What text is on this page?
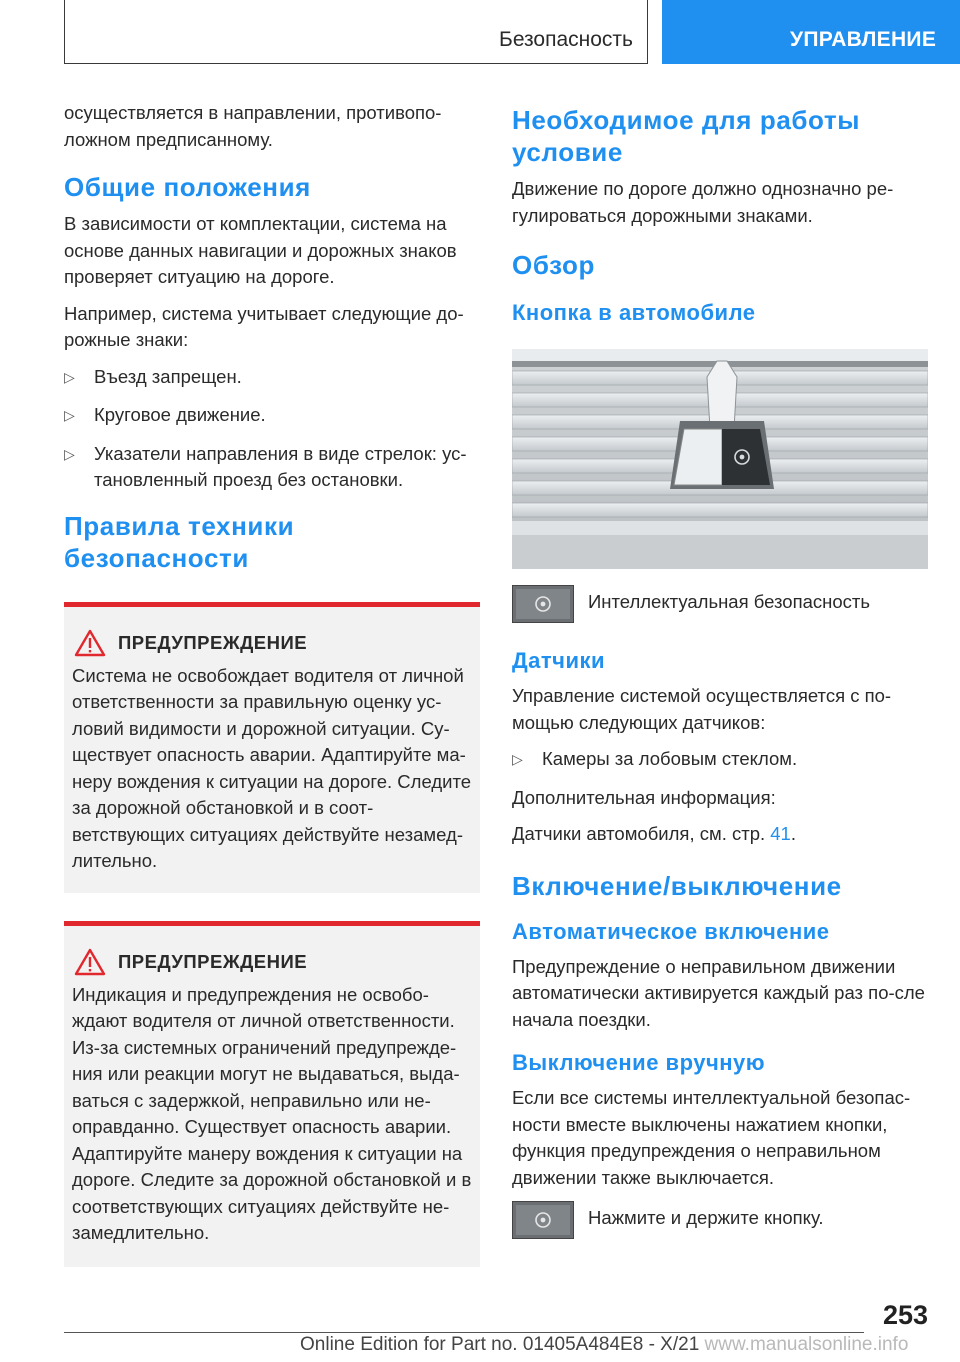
Безопасность	УПРАВЛЕНИЕ

осуществляется в направлении, противопо-ложном предписанному.

Общие положения

В зависимости от комплектации, система на основе данных навигации и дорожных знаков проверяет ситуацию на дороге.

Например, система учитывает следующие до-рожные знаки:

▷ Въезд запрещен.
▷ Круговое движение.
▷ Указатели направления в виде стрелок: ус-тановленный проезд без остановки.
Правила техники безопасности
ПРЕДУПРЕЖДЕНИЕ

Система не освобождает водителя от личной ответственности за правильную оценку ус-ловий видимости и дорожной ситуации. Су-ществует опасность аварии. Адаптируйте ма-неру вождения к ситуации на дороге. Следите за дорожной обстановкой и в соот-ветствующих ситуациях действуйте незамед-лительно.

ПРЕДУПРЕЖДЕНИЕ

Индикация и предупреждения не освобо-ждают водителя от личной ответственности. Из-за системных ограничений предупрежде-ния или реакции могут не выдаваться, выда-ваться с задержкой, неправильно или не-оправданно. Существует опасность аварии. Адаптируйте манеру вождения к ситуации на дороге. Следите за дорожной обстановкой и в соответствующих ситуациях действуйте не-замедлительно.

Необходимое для работы условие

Движение по дороге должно однозначно ре-гулироваться дорожными знаками.

Обзор
Кнопка в автомобиле
Интеллектуальная безопасность
Датчики

Управление системой осуществляется с по-мощью следующих датчиков:

▷ Камеры за лобовым стеклом.

Дополнительная информация:

Датчики автомобиля, см. стр. 41.

Включение/выключение
Автоматическое включение

Предупреждение о неправильном движении автоматически активируется каждый раз по-сле начала поездки.

Выключение вручную

Если все системы интеллектуальной безопас-ности вместе выключены нажатием кнопки, функция предупреждения о неправильном движении также выключается.

Нажмите и держите кнопку.
253
Online Edition for Part no. 01405A484E8 - X/21 www.manualsonline.info
